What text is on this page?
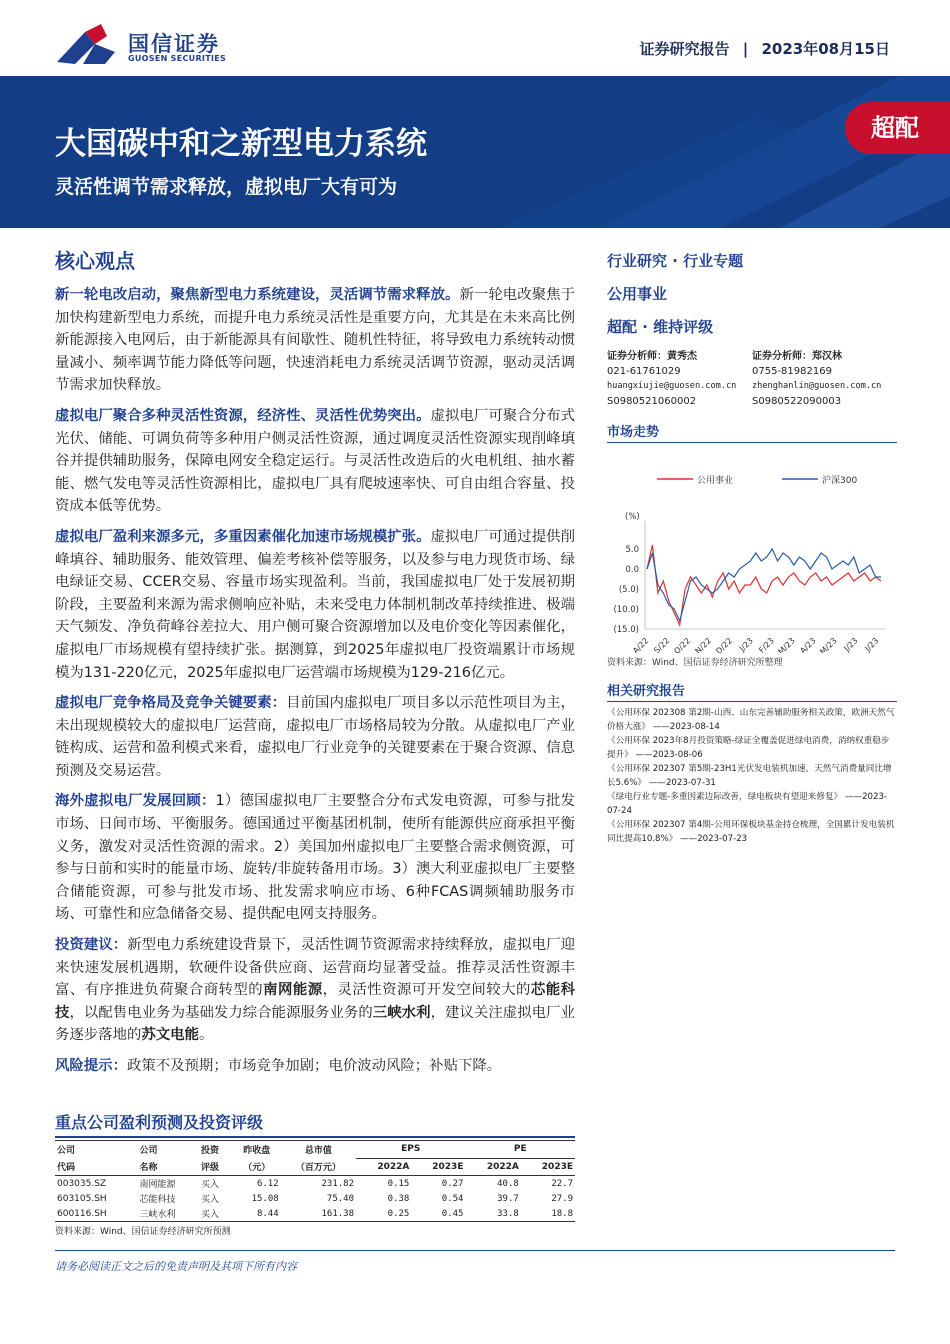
国信证券
GUOSEN SECURITIES
证券研究报告 | 2023年08月15日
大国碳中和之新型电力系统
灵活性调节需求释放，虚拟电厂大有可为
超配
核心观点

新一轮电改启动，聚焦新型电力系统建设，灵活调节需求释放。新一轮电改聚焦于加快构建新型电力系统，而提升电力系统灵活性是重要方向，尤其是在未来高比例新能源接入电网后，由于新能源具有间歇性、随机性特征，将导致电力系统转动惯量减小、频率调节能力降低等问题，快速消耗电力系统灵活调节资源，驱动灵活调节需求加快释放。

虚拟电厂聚合多种灵活性资源，经济性、灵活性优势突出。虚拟电厂可聚合分布式光伏、储能、可调负荷等多种用户侧灵活性资源，通过调度灵活性资源实现削峰填谷并提供辅助服务，保障电网安全稳定运行。与灵活性改造后的火电机组、抽水蓄能、燃气发电等灵活性资源相比，虚拟电厂具有爬坡速率快、可自由组合容量、投资成本低等优势。

虚拟电厂盈利来源多元，多重因素催化加速市场规模扩张。虚拟电厂可通过提供削峰填谷、辅助服务、能效管理、偏差考核补偿等服务，以及参与电力现货市场、绿电绿证交易、CCER交易、容量市场实现盈利。当前，我国虚拟电厂处于发展初期阶段，主要盈利来源为需求侧响应补贴，未来受电力体制机制改革持续推进、极端天气频发、净负荷峰谷差拉大、用户侧可聚合资源增加以及电价变化等因素催化，虚拟电厂市场规模有望持续扩张。据测算，到2025年虚拟电厂投资端累计市场规模为131-220亿元，2025年虚拟电厂运营端市场规模为129-216亿元。

虚拟电厂竞争格局及竞争关键要素：目前国内虚拟电厂项目多以示范性项目为主，未出现规模较大的虚拟电厂运营商，虚拟电厂市场格局较为分散。从虚拟电厂产业链构成、运营和盈利模式来看，虚拟电厂行业竞争的关键要素在于聚合资源、信息预测及交易运营。

海外虚拟电厂发展回顾：1）德国虚拟电厂主要整合分布式发电资源，可参与批发市场、日间市场、平衡服务。德国通过平衡基团机制，使所有能源供应商承担平衡义务，激发对灵活性资源的需求。2）美国加州虚拟电厂主要整合需求侧资源，可参与日前和实时的能量市场、旋转/非旋转备用市场。3）澳大利亚虚拟电厂主要整合储能资源，可参与批发市场、批发需求响应市场、6种FCAS调频辅助服务市场、可靠性和应急储备交易、提供配电网支持服务。

投资建议：新型电力系统建设背景下，灵活性调节资源需求持续释放，虚拟电厂迎来快速发展机遇期，软硬件设备供应商、运营商均显著受益。推荐灵活性资源丰富、有序推进负荷聚合商转型的南网能源，灵活性资源可开发空间较大的芯能科技，以配售电业务为基础发力综合能源服务业务的三峡水利，建议关注虚拟电厂业务逐步落地的苏文电能。

风险提示：政策不及预期；市场竞争加剧；电价波动风险；补贴下降。

行业研究 · 行业专题
公用事业
超配 · 维持评级
证券分析师：黄秀杰
021-61761029
huangxiujie@guosen.com.cn
S0980521060002
证券分析师：郑汉林
0755-81982169
zhenghanlin@guosen.com.cn
S0980522090003
市场走势
公用事业	沪深300
(%)
5.0
0.0
(5.0)
(10.0)
(15.0)
A/22 S/22 O/22 N/22 D/22 J/23 F/23 M/23 A/23 M/23 J/23 J/23
资料来源：Wind、国信证券经济研究所整理
相关研究报告
《公用环保 202308 第2期-山西、山东完善辅助服务相关政策，欧洲天然气价格大涨》 ——2023-08-14
《公用环保 2023年8月投资策略-绿证全覆盖促进绿电消费，消纳权重稳步提升》 ——2023-08-06
《公用环保 202307 第5期-23H1光伏发电装机加速，天然气消费量同比增长5.6%》 ——2023-07-31
《绿电行业专题-多重因素边际改善，绿电板块有望迎来修复》 ——2023-07-24
《公用环保 202307 第4期-公用环保板块基金持仓梳理，全国累计发电装机同比提高10.8%》 ——2023-07-23
重点公司盈利预测及投资评级
公司	公司	投资	昨收盘	总市值	EPS		PE	
代码	名称	评级	（元）	（百万元）	2022A	2023E	2022A	2023E
003035.SZ	南网能源	买入	6.12	231.82	0.15	0.27	40.8	22.7
603105.SH	芯能科技	买入	15.08	75.40	0.38	0.54	39.7	27.9
600116.SH	三峡水利	买入	8.44	161.38	0.25	0.45	33.8	18.8
资料来源：Wind、国信证券经济研究所预测
请务必阅读正文之后的免责声明及其项下所有内容
